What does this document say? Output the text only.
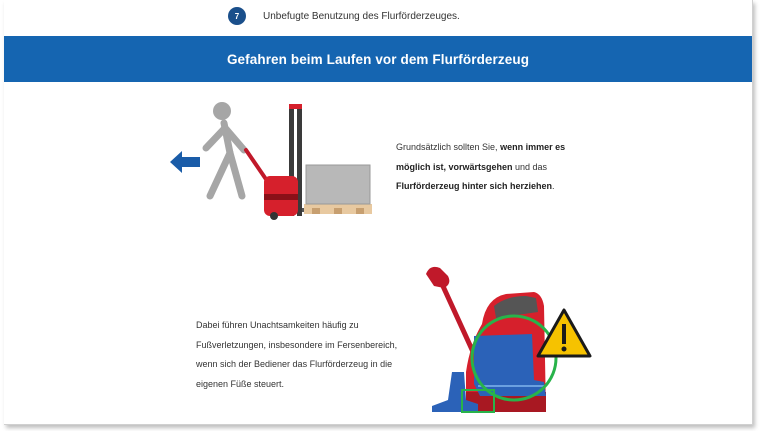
7	Unbefugte Benutzung des Flurförderzeuges.
Gefahren beim Laufen vor dem Flurförderzeug

Grundsätzlich sollten Sie, wenn immer es möglich ist, vorwärtsgehen und das Flurförderzeug hinter sich herziehen.

Dabei führen Unachtsamkeiten häufig zu Fußverletzungen, insbesondere im Fersenbereich, wenn sich der Bediener das Flurförderzeug in die eigenen Füße steuert.
